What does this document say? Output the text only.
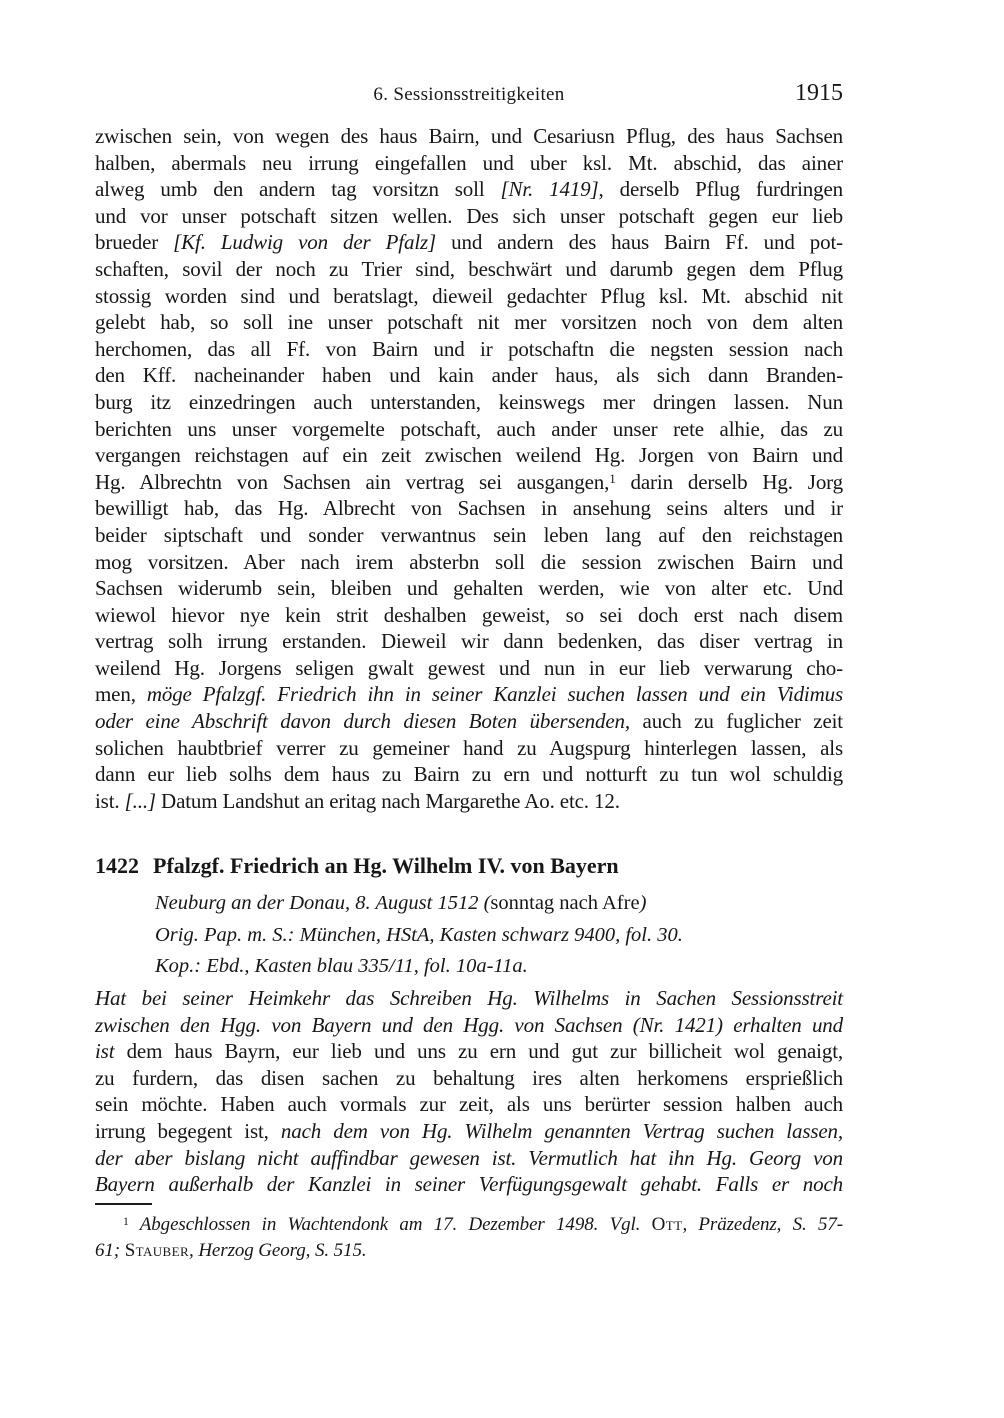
6. Sessionsstreitigkeiten	1915
zwischen sein, von wegen des haus Bairn, und Cesariusn Pflug, des haus Sachsen
halben, abermals neu irrung eingefallen und uber ksl. Mt. abschid, das ainer
alweg umb den andern tag vorsitzn soll [Nr. 1419], derselb Pflug furdringen
und vor unser potschaft sitzen wellen. Des sich unser potschaft gegen eur lieb
brueder [Kf. Ludwig von der Pfalz] und andern des haus Bairn Ff. und pot-
schaften, sovil der noch zu Trier sind, beschwärt und darumb gegen dem Pflug
stossig worden sind und beratslagt, dieweil gedachter Pflug ksl. Mt. abschid nit
gelebt hab, so soll ine unser potschaft nit mer vorsitzen noch von dem alten
herchomen, das all Ff. von Bairn und ir potschaftn die negsten session nach
den Kff. nacheinander haben und kain ander haus, als sich dann Branden-
burg itz einzedringen auch unterstanden, keinswegs mer dringen lassen. Nun
berichten uns unser vorgemelte potschaft, auch ander unser rete alhie, das zu
vergangen reichstagen auf ein zeit zwischen weilend Hg. Jorgen von Bairn und
Hg. Albrechtn von Sachsen ain vertrag sei ausgangen,$^1$ darin derselb Hg. Jorg
bewilligt hab, das Hg. Albrecht von Sachsen in ansehung seins alters und ir
beider siptschaft und sonder verwantnus sein leben lang auf den reichstagen
mog vorsitzen. Aber nach irem absterbn soll die session zwischen Bairn und
Sachsen widerumb sein, bleiben und gehalten werden, wie von alter etc. Und
wiewol hievor nye kein strit deshalben geweist, so sei doch erst nach disem
vertrag solh irrung erstanden. Dieweil wir dann bedenken, das diser vertrag in
weilend Hg. Jorgens seligen gwalt gewest und nun in eur lieb verwarung cho-
men, möge Pfalzgf. Friedrich ihn in seiner Kanzlei suchen lassen und ein Vidimus
oder eine Abschrift davon durch diesen Boten übersenden, auch zu fuglicher zeit
solichen haubtbrief verrer zu gemeiner hand zu Augspurg hinterlegen lassen, als
dann eur lieb solhs dem haus zu Bairn zu ern und notturft zu tun wol schuldig
ist. [...] Datum Landshut an eritag nach Margarethe Ao. etc. 12.
1422 Pfalzgf. Friedrich an Hg. Wilhelm IV. von Bayern
Neuburg an der Donau, 8. August 1512 (sonntag nach Afre)
Orig. Pap. m. S.: München, HStA, Kasten schwarz 9400, fol. 30.
Kop.: Ebd., Kasten blau 335/11, fol. 10a-11a.
Hat bei seiner Heimkehr das Schreiben Hg. Wilhelms in Sachen Sessionsstreit
zwischen den Hgg. von Bayern und den Hgg. von Sachsen (Nr. 1421) erhalten und
ist dem haus Bayrn, eur lieb und uns zu ern und gut zur billicheit wol genaigt,
zu furdern, das disen sachen zu behaltung ires alten herkomens ersprießlich
sein möchte. Haben auch vormals zur zeit, als uns berürter session halben auch
irrung begegent ist, nach dem von Hg. Wilhelm genannten Vertrag suchen lassen,
der aber bislang nicht auffindbar gewesen ist. Vermutlich hat ihn Hg. Georg von
Bayern außerhalb der Kanzlei in seiner Verfügungsgewalt gehabt. Falls er noch
$^1$ Abgeschlossen in Wachtendonk am 17. Dezember 1498. Vgl. Ott, Präzedenz, S. 57-
61; Stauber, Herzog Georg, S. 515.
